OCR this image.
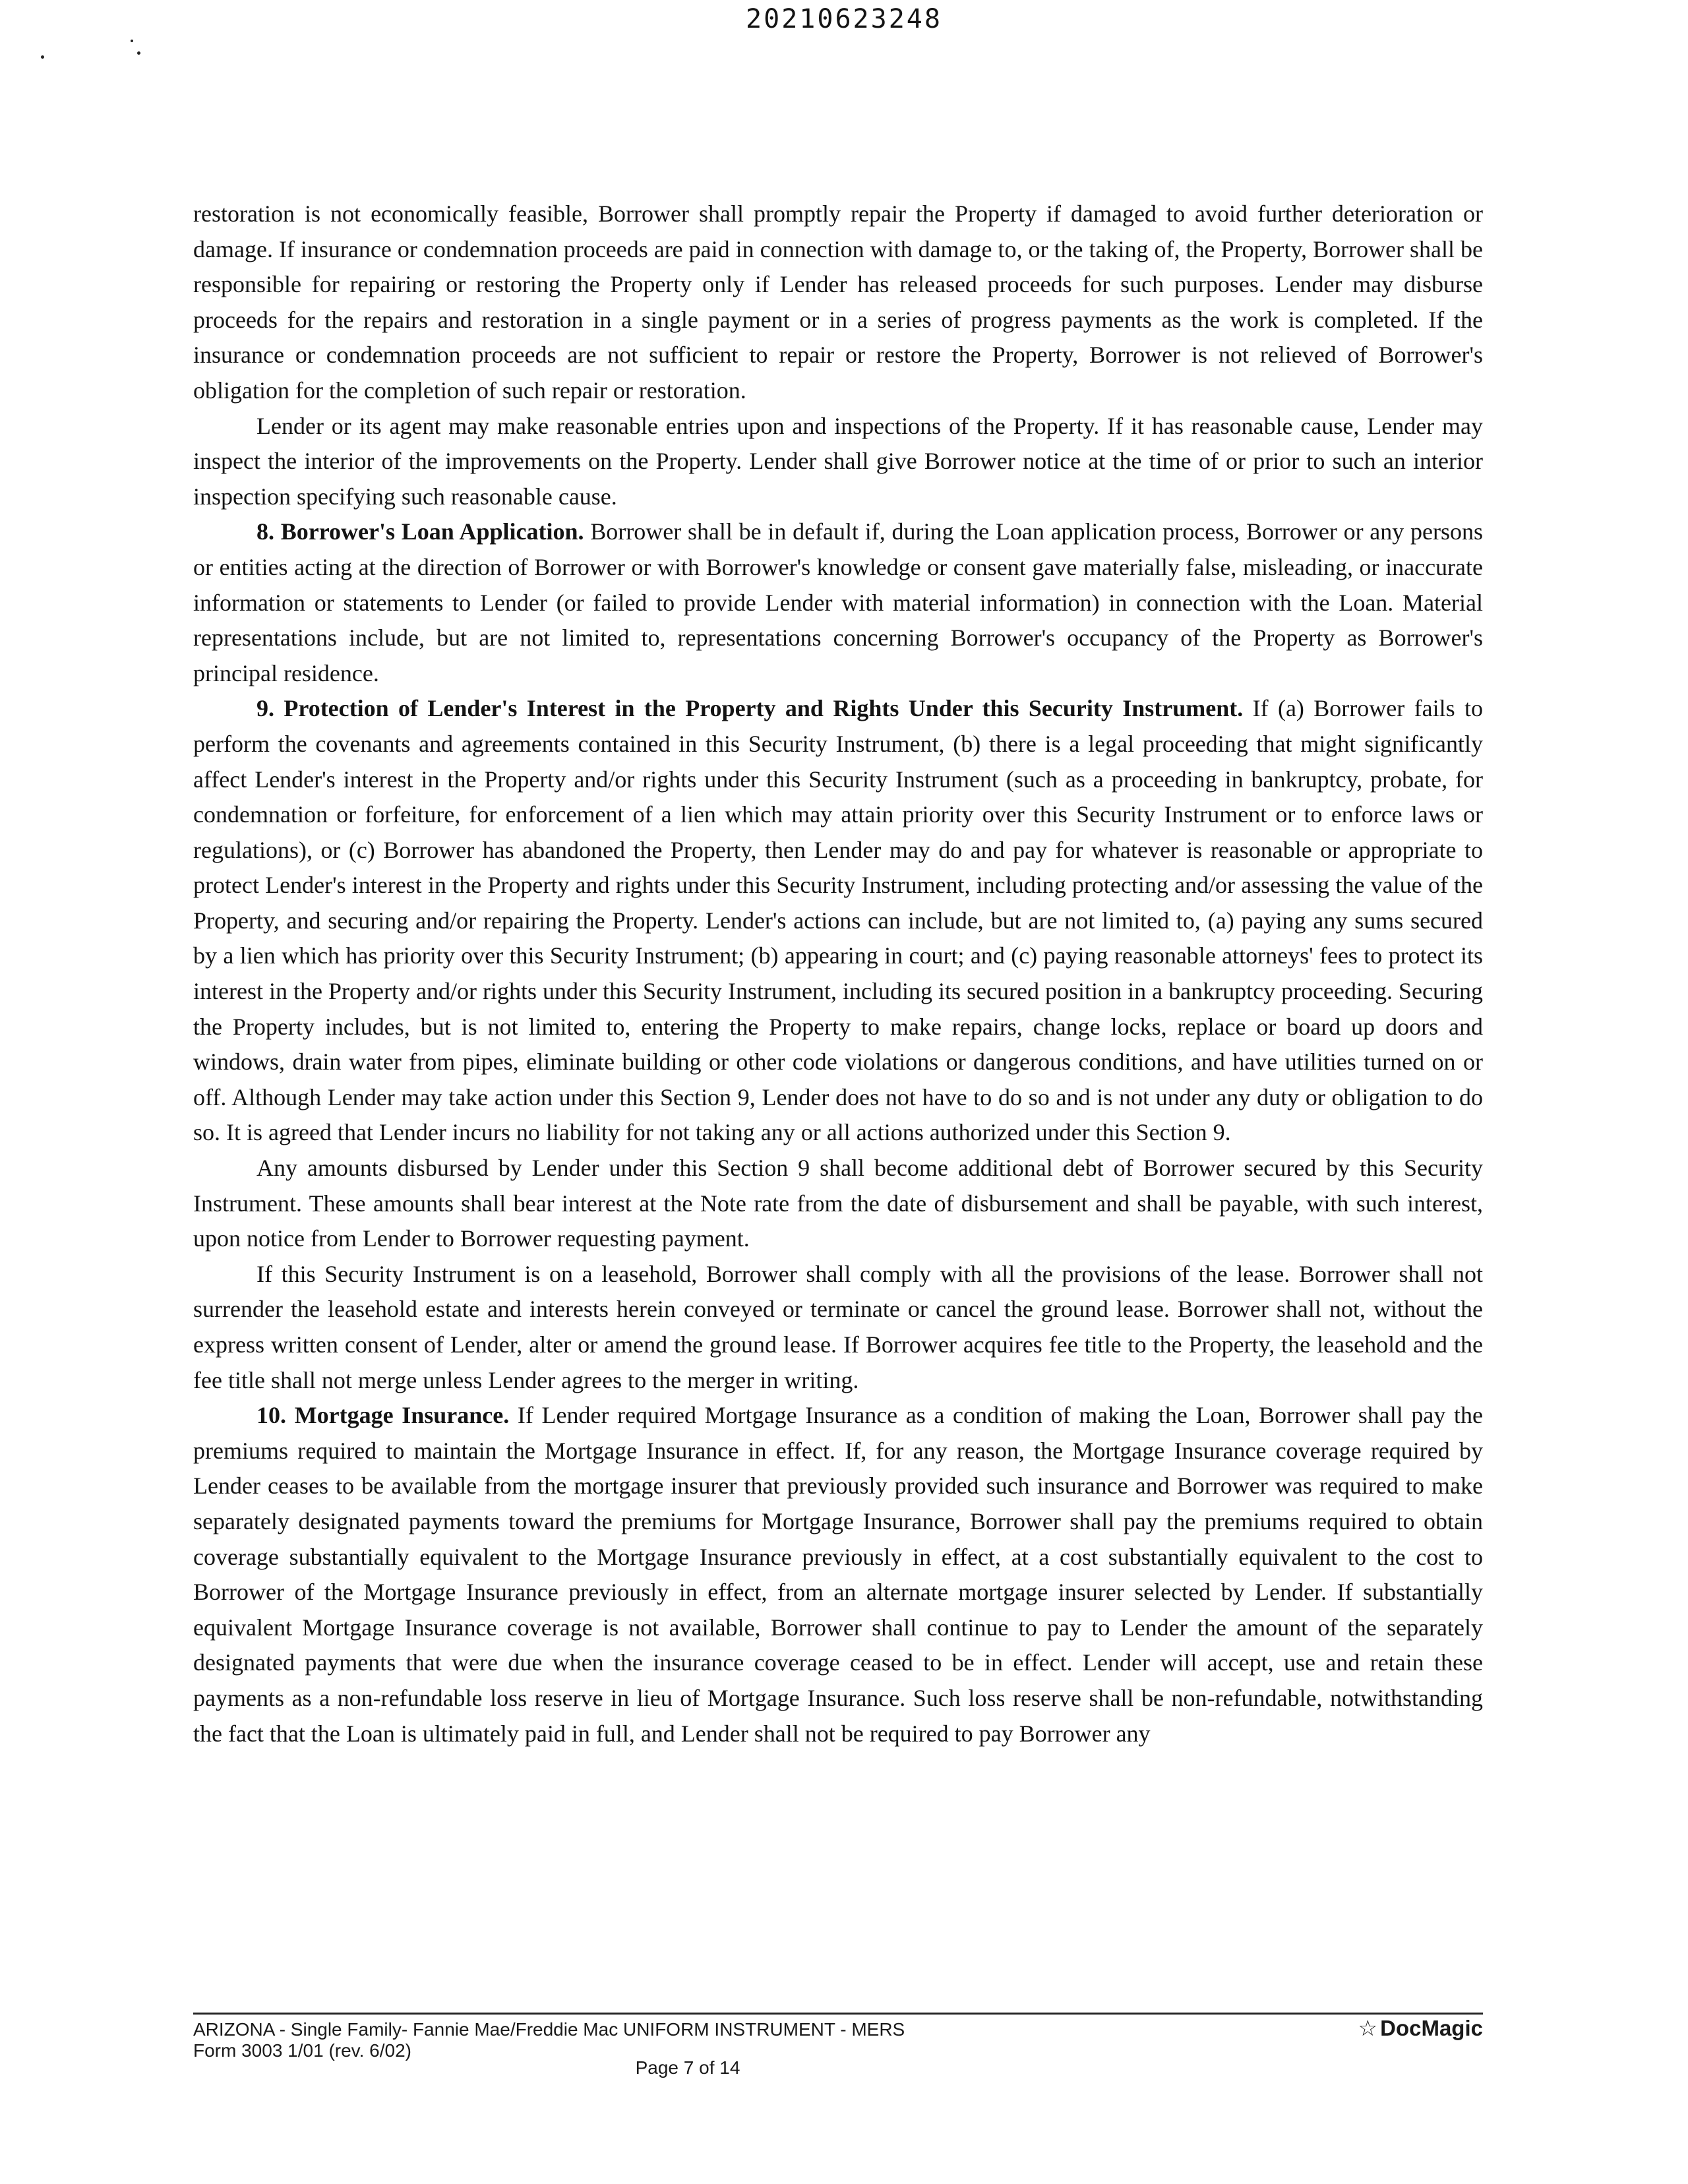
20210623248

restoration is not economically feasible, Borrower shall promptly repair the Property if damaged to avoid further deterioration or damage. If insurance or condemnation proceeds are paid in connection with damage to, or the taking of, the Property, Borrower shall be responsible for repairing or restoring the Property only if Lender has released proceeds for such purposes. Lender may disburse proceeds for the repairs and restoration in a single payment or in a series of progress payments as the work is completed. If the insurance or condemnation proceeds are not sufficient to repair or restore the Property, Borrower is not relieved of Borrower's obligation for the completion of such repair or restoration.

Lender or its agent may make reasonable entries upon and inspections of the Property. If it has reasonable cause, Lender may inspect the interior of the improvements on the Property. Lender shall give Borrower notice at the time of or prior to such an interior inspection specifying such reasonable cause.

8. Borrower's Loan Application. Borrower shall be in default if, during the Loan application process, Borrower or any persons or entities acting at the direction of Borrower or with Borrower's knowledge or consent gave materially false, misleading, or inaccurate information or statements to Lender (or failed to provide Lender with material information) in connection with the Loan. Material representations include, but are not limited to, representations concerning Borrower's occupancy of the Property as Borrower's principal residence.

9. Protection of Lender's Interest in the Property and Rights Under this Security Instrument. If (a) Borrower fails to perform the covenants and agreements contained in this Security Instrument, (b) there is a legal proceeding that might significantly affect Lender's interest in the Property and/or rights under this Security Instrument (such as a proceeding in bankruptcy, probate, for condemnation or forfeiture, for enforcement of a lien which may attain priority over this Security Instrument or to enforce laws or regulations), or (c) Borrower has abandoned the Property, then Lender may do and pay for whatever is reasonable or appropriate to protect Lender's interest in the Property and rights under this Security Instrument, including protecting and/or assessing the value of the Property, and securing and/or repairing the Property. Lender's actions can include, but are not limited to, (a) paying any sums secured by a lien which has priority over this Security Instrument; (b) appearing in court; and (c) paying reasonable attorneys' fees to protect its interest in the Property and/or rights under this Security Instrument, including its secured position in a bankruptcy proceeding. Securing the Property includes, but is not limited to, entering the Property to make repairs, change locks, replace or board up doors and windows, drain water from pipes, eliminate building or other code violations or dangerous conditions, and have utilities turned on or off. Although Lender may take action under this Section 9, Lender does not have to do so and is not under any duty or obligation to do so. It is agreed that Lender incurs no liability for not taking any or all actions authorized under this Section 9.

Any amounts disbursed by Lender under this Section 9 shall become additional debt of Borrower secured by this Security Instrument. These amounts shall bear interest at the Note rate from the date of disbursement and shall be payable, with such interest, upon notice from Lender to Borrower requesting payment.

If this Security Instrument is on a leasehold, Borrower shall comply with all the provisions of the lease. Borrower shall not surrender the leasehold estate and interests herein conveyed or terminate or cancel the ground lease. Borrower shall not, without the express written consent of Lender, alter or amend the ground lease. If Borrower acquires fee title to the Property, the leasehold and the fee title shall not merge unless Lender agrees to the merger in writing.

10. Mortgage Insurance. If Lender required Mortgage Insurance as a condition of making the Loan, Borrower shall pay the premiums required to maintain the Mortgage Insurance in effect. If, for any reason, the Mortgage Insurance coverage required by Lender ceases to be available from the mortgage insurer that previously provided such insurance and Borrower was required to make separately designated payments toward the premiums for Mortgage Insurance, Borrower shall pay the premiums required to obtain coverage substantially equivalent to the Mortgage Insurance previously in effect, at a cost substantially equivalent to the cost to Borrower of the Mortgage Insurance previously in effect, from an alternate mortgage insurer selected by Lender. If substantially equivalent Mortgage Insurance coverage is not available, Borrower shall continue to pay to Lender the amount of the separately designated payments that were due when the insurance coverage ceased to be in effect. Lender will accept, use and retain these payments as a non-refundable loss reserve in lieu of Mortgage Insurance. Such loss reserve shall be non-refundable, notwithstanding the fact that the Loan is ultimately paid in full, and Lender shall not be required to pay Borrower any

ARIZONA - Single Family- Fannie Mae/Freddie Mac UNIFORM INSTRUMENT - MERS
Form 3003 1/01 (rev. 6/02)
Page 7 of 14
☆ DocMagic
